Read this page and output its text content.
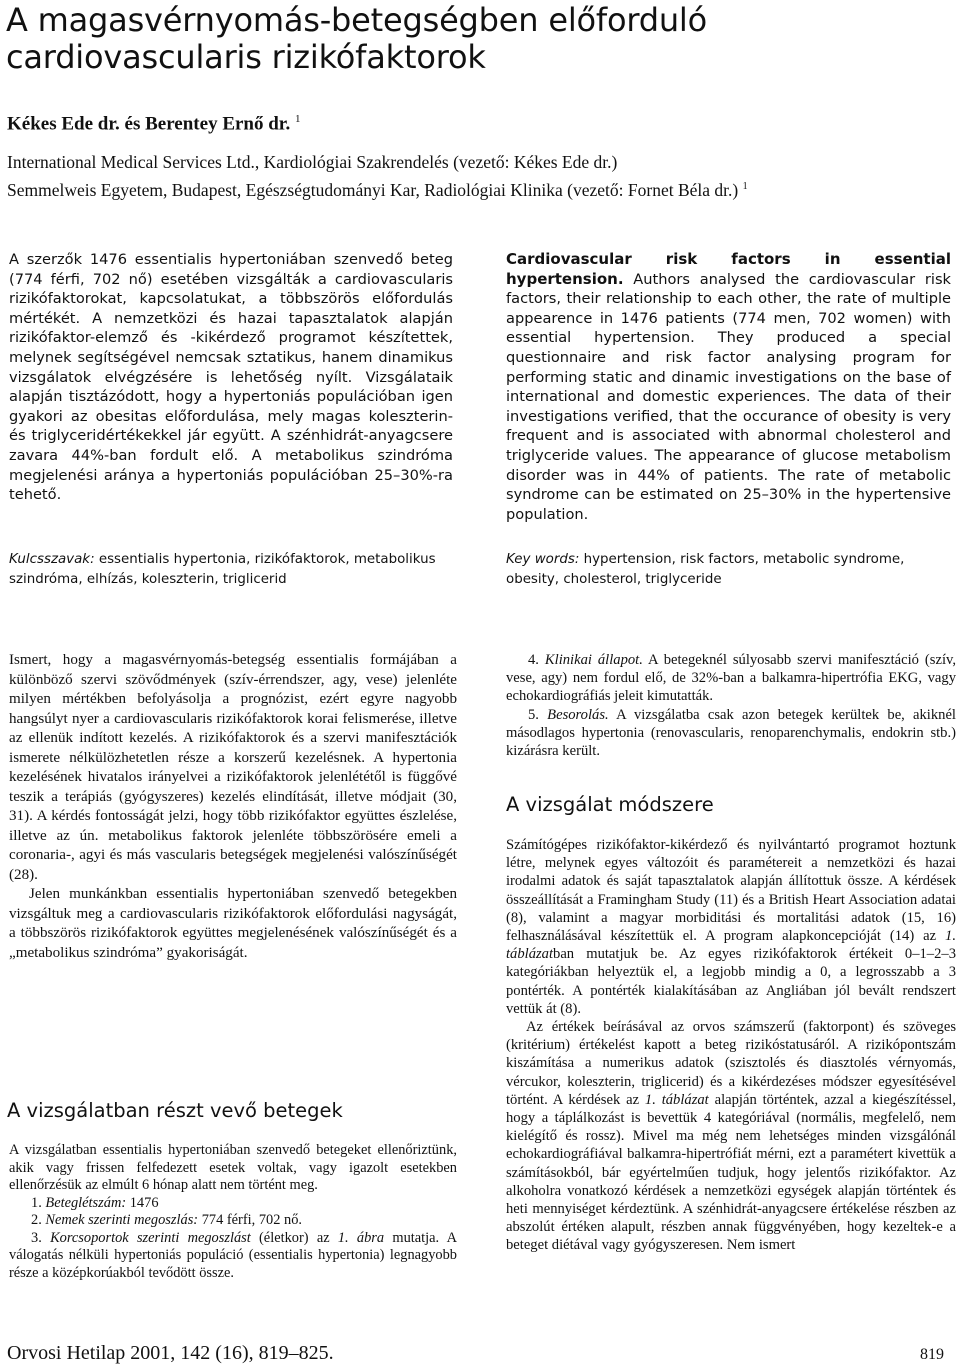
A magasvérnyomás-betegségben előforduló cardiovascularis rizikófaktorok
Kékes Ede dr. és Berentey Ernő dr. $^1$
International Medical Services Ltd., Kardiológiai Szakrendelés (vezető: Kékes Ede dr.)
Semmelweis Egyetem, Budapest, Egészségtudományi Kar, Radiológiai Klinika (vezető: Fornet Béla dr.) $^1$

A szerzők 1476 essentialis hypertoniában szenvedő beteg (774 férfi, 702 nő) esetében vizsgálták a cardiovascularis rizikófaktorokat, kapcsolatukat, a többszörös előfordulás mértékét. A nemzetközi és hazai tapasztalatok alapján rizikófaktor-elemző és -kikérdező programot készítettek, melynek segítségével nemcsak sztatikus, hanem dinamikus vizsgálatok elvégzésére is lehetőség nyílt. Vizsgálataik alapján tisztázódott, hogy a hypertoniás populációban igen gyakori az obesitas előfordulása, mely magas koleszterin- és triglyceridértékekkel jár együtt. A szénhidrát-anyagcsere zavara 44%-ban fordult elő. A metabolikus szindróma megjelenési aránya a hypertoniás populációban 25–30%-ra tehető.

Cardiovascular risk factors in essential hypertension. Authors analysed the cardiovascular risk factors, their relationship to each other, the rate of multiple appearence in 1476 patients (774 men, 702 women) with essential hypertension. They produced a special questionnaire and risk factor analysing program for performing static and dinamic investigations on the base of international and domestic experiences. The data of their investigations verified, that the occurance of obesity is very frequent and is associated with abnormal cholesterol and triglyceride values. The appearance of glucose metabolism disorder was in 44% of patients. The rate of metabolic syndrome can be estimated on 25–30% in the hypertensive population.

Kulcsszavak: essentialis hypertonia, rizikófaktorok, metabolikus szindróma, elhízás, koleszterin, triglicerid

Key words: hypertension, risk factors, metabolic syndrome, obesity, cholesterol, triglyceride

Ismert, hogy a magasvérnyomás-betegség essentialis formájában a különböző szervi szövődmények (szív-érrendszer, agy, vese) jelenléte milyen mértékben befolyásolja a prognózist, ezért egyre nagyobb hangsúlyt nyer a cardiovascularis rizikófaktorok korai felismerése, illetve az ellenük indított kezelés. A rizikófaktorok és a szervi manifesztációk ismerete nélkülözhetetlen része a korszerű kezelésnek. A hypertonia kezelésének hivatalos irányelvei a rizikófaktorok jelenlététől is függővé teszik a terápiás (gyógyszeres) kezelés elindítását, illetve módjait (30, 31). A kérdés fontosságát jelzi, hogy több rizikófaktor együttes észlelése, illetve az ún. metabolikus faktorok jelenléte többszörösére emeli a coronaria-, agyi és más vascularis betegségek megjelenési valószínűségét (28).

Jelen munkánkban essentialis hypertoniában szenvedő betegekben vizsgáltuk meg a cardiovascularis rizikófaktorok előfordulási nagyságát, a többszörös rizikófaktorok együttes megjelenésének valószínűségét és a „metabolikus szindróma” gyakoriságát.

A vizsgálatban részt vevő betegek

A vizsgálatban essentialis hypertoniában szenvedő betegeket ellenőriztünk, akik vagy frissen felfedezett esetek voltak, vagy igazolt esetekben ellenőrzésük az elmúlt 6 hónap alatt nem történt meg.

1. Beteglétszám: 1476

2. Nemek szerinti megoszlás: 774 férfi, 702 nő.

3. Korcsoportok szerinti megoszlást (életkor) az 1. ábra mutatja. A válogatás nélküli hypertoniás populáció (essentialis hypertonia) legnagyobb része a középkorúakból tevődött össze.

4. Klinikai állapot. A betegeknél súlyosabb szervi manifesztáció (szív, vese, agy) nem fordul elő, de 32%-ban a balkamra-hipertrófia EKG, vagy echokardiográfiás jeleit kimutatták.

5. Besorolás. A vizsgálatba csak azon betegek kerültek be, akiknél másodlagos hypertonia (renovascularis, renoparenchymalis, endokrin stb.) kizárásra került.

A vizsgálat módszere

Számítógépes rizikófaktor-kikérdező és nyilvántartó programot hoztunk létre, melynek egyes változóit és paramétereit a nemzetközi és hazai irodalmi adatok és saját tapasztalatok alapján állítottuk össze. A kérdések összeállítását a Framingham Study (11) és a British Heart Association adatai (8), valamint a magyar morbiditási és mortalitási adatok (15, 16) felhasználásával készítettük el. A program alapkoncepcióját (14) az 1. táblázatban mutatjuk be. Az egyes rizikófaktorok értékeit 0–1–2–3 kategóriákban helyeztük el, a legjobb mindig a 0, a legrosszabb a 3 pontérték. A pontérték kialakításában az Angliában jól bevált rendszert vettük át (8).

Az értékek beírásával az orvos számszerű (faktorpont) és szöveges (kritérium) értékelést kapott a beteg rizikóstatusáról. A rizikópontszám kiszámítása a numerikus adatok (szisztolés és diasztolés vérnyomás, vércukor, koleszterin, triglicerid) és a kikérdezéses módszer egyesítésével történt. A kérdések az 1. táblázat alapján történtek, azzal a kiegészítéssel, hogy a táplálkozást is bevettük 4 kategóriával (normális, megfelelő, nem kielégítő és rossz). Mivel ma még nem lehetséges minden vizsgálónál echokardiográfiával balkamra-hipertrófiát mérni, ezt a paramétert kivettük a számításokból, bár egyértelműen tudjuk, hogy jelentős rizikófaktor. Az alkoholra vonatkozó kérdések a nemzetközi egységek alapján történtek és heti mennyiséget kérdeztünk. A szénhidrát-anyagcsere értékelése részben az abszolút értéken alapult, részben annak függvényében, hogy kezeltek-e a beteget diétával vagy gyógyszeresen. Nem ismert

Orvosi Hetilap 2001, 142 (16), 819–825.	819
